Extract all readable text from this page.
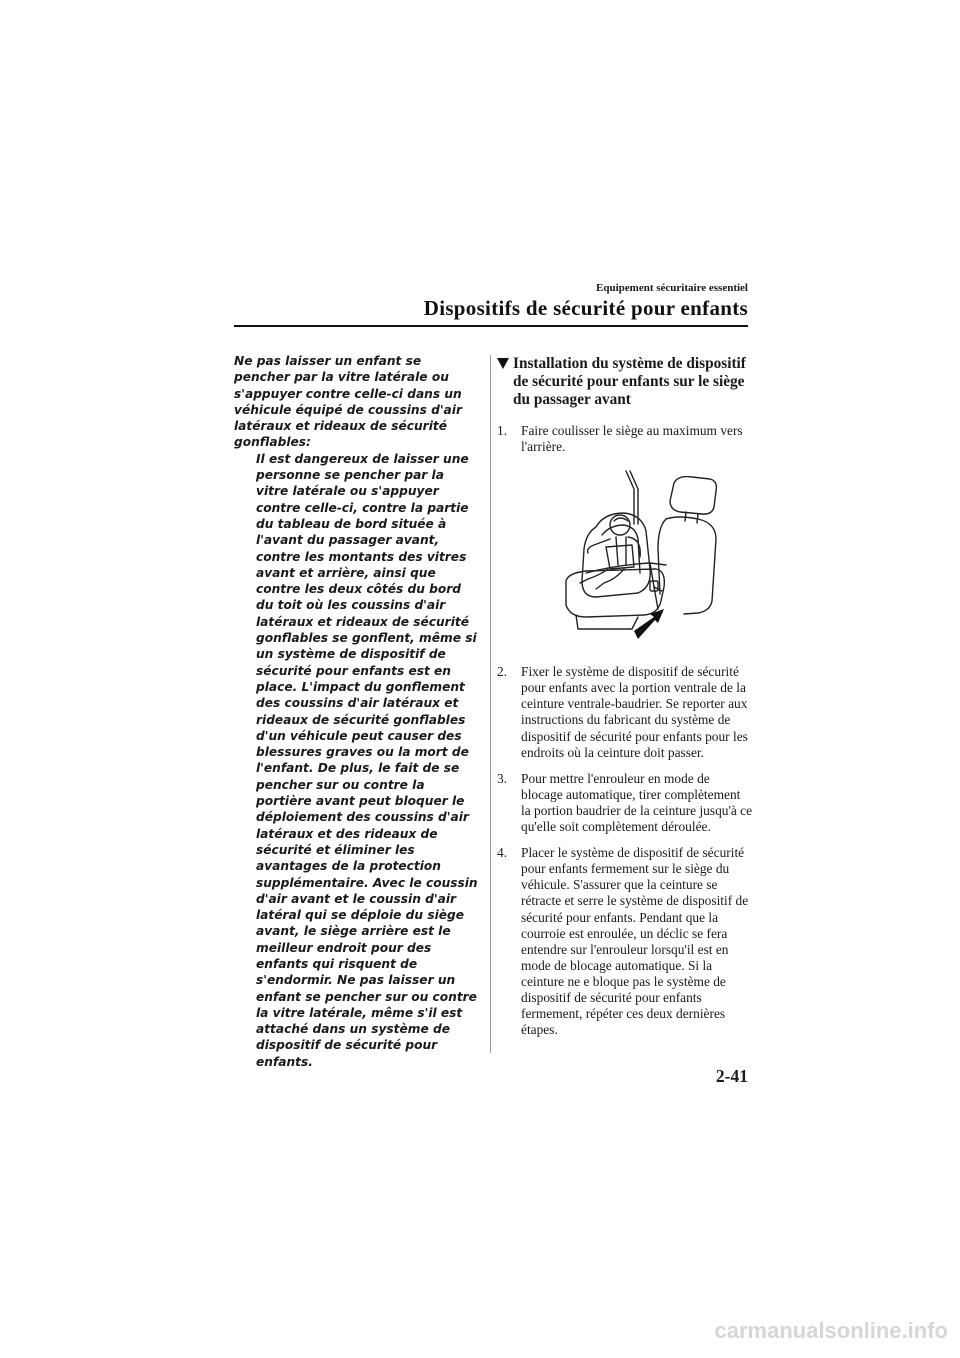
Equipement sécuritaire essentiel
Dispositifs de sécurité pour enfants
Ne pas laisser un enfant se pencher par la vitre latérale ou s'appuyer contre celle-ci dans un véhicule équipé de coussins d'air latéraux et rideaux de sécurité gonflables:
Il est dangereux de laisser une personne se pencher par la vitre latérale ou s'appuyer contre celle-ci, contre la partie du tableau de bord située à l'avant du passager avant, contre les montants des vitres avant et arrière, ainsi que contre les deux côtés du bord du toit où les coussins d'air latéraux et rideaux de sécurité gonflables se gonflent, même si un système de dispositif de sécurité pour enfants est en place. L'impact du gonflement des coussins d'air latéraux et rideaux de sécurité gonflables d'un véhicule peut causer des blessures graves ou la mort de l'enfant. De plus, le fait de se pencher sur ou contre la portière avant peut bloquer le déploiement des coussins d'air latéraux et des rideaux de sécurité et éliminer les avantages de la protection supplémentaire. Avec le coussin d'air avant et le coussin d'air latéral qui se déploie du siège avant, le siège arrière est le meilleur endroit pour des enfants qui risquent de s'endormir. Ne pas laisser un enfant se pencher sur ou contre la vitre latérale, même s'il est attaché dans un système de dispositif de sécurité pour enfants.
Installation du système de dispositif de sécurité pour enfants sur le siège du passager avant
1.	Faire coulisser le siège au maximum vers l'arrière.
2.	Fixer le système de dispositif de sécurité pour enfants avec la portion ventrale de la ceinture ventrale-baudrier. Se reporter aux instructions du fabricant du système de dispositif de sécurité pour enfants pour les endroits où la ceinture doit passer.
3.	Pour mettre l'enrouleur en mode de blocage automatique, tirer complètement la portion baudrier de la ceinture jusqu'à ce qu'elle soit complètement déroulée.
4.	Placer le système de dispositif de sécurité pour enfants fermement sur le siège du véhicule. S'assurer que la ceinture se rétracte et serre le système de dispositif de sécurité pour enfants. Pendant que la courroie est enroulée, un déclic se fera entendre sur l'enrouleur lorsqu'il est en mode de blocage automatique. Si la ceinture ne e bloque pas le système de dispositif de sécurité pour enfants fermement, répéter ces deux dernières étapes.
2-41
carmanualsonline.info
